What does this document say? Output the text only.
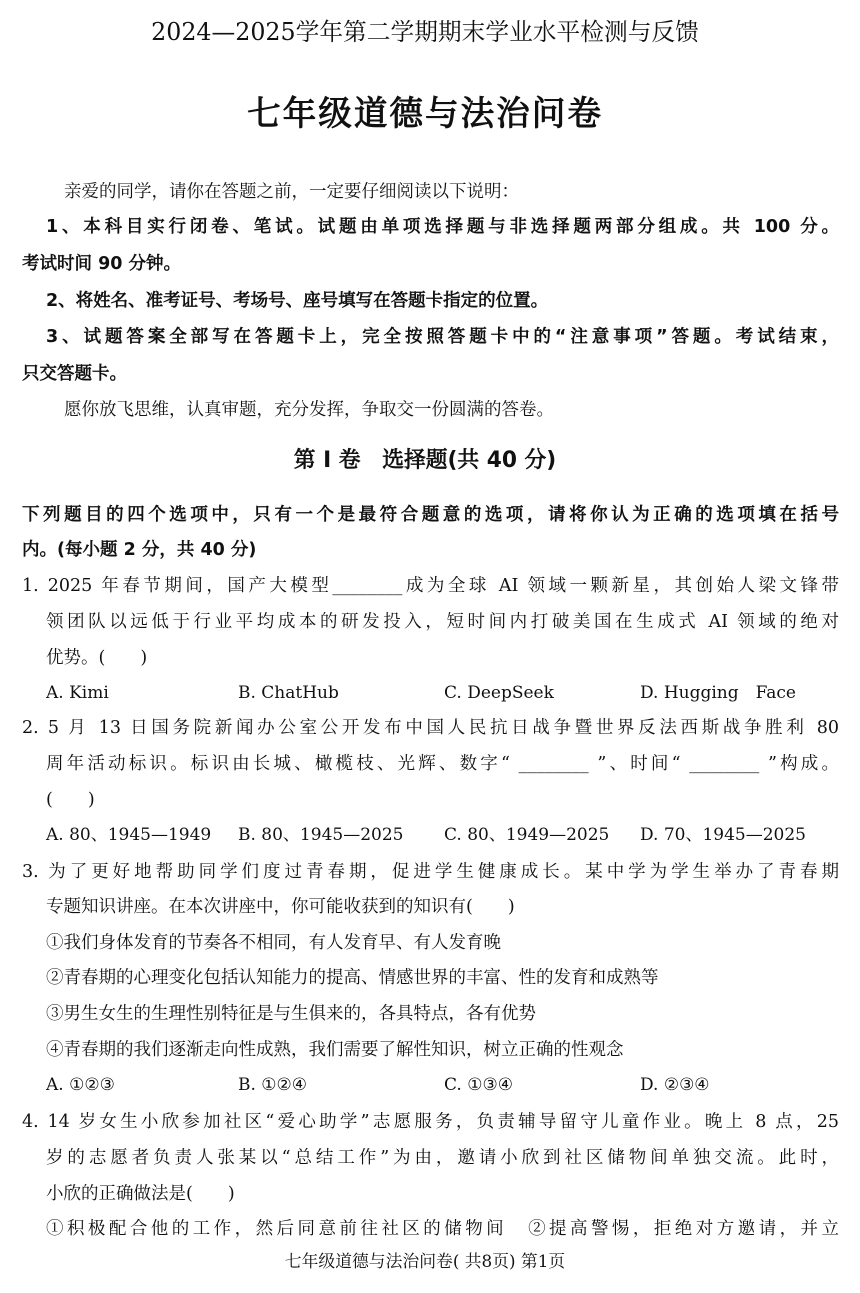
2024—2025学年第二学期期末学业水平检测与反馈
七年级道德与法治问卷
亲爱的同学，请你在答题之前，一定要仔细阅读以下说明：
1、本科目实行闭卷、笔试。试题由单项选择题与非选择题两部分组成。共 100 分。
考试时间 90 分钟。
2、将姓名、准考证号、考场号、座号填写在答题卡指定的位置。
3、试题答案全部写在答题卡上，完全按照答题卡中的“注意事项”答题。考试结束，
只交答题卡。
愿你放飞思维，认真审题，充分发挥，争取交一份圆满的答卷。
第 I 卷　选择题(共 40 分)
下列题目的四个选项中，只有一个是最符合题意的选项，请将你认为正确的选项填在括号
内。(每小题 2 分，共 40 分)
1. 2025 年春节期间，国产大模型________成为全球 AI 领域一颗新星，其创始人梁文锋带
领团队以远低于行业平均成本的研发投入，短时间内打破美国在生成式 AI 领域的绝对
优势。(　　)
A. Kimi	B. ChatHub	C. DeepSeek	D. Hugging　Face
2. 5 月 13 日国务院新闻办公室公开发布中国人民抗日战争暨世界反法西斯战争胜利 80
周年活动标识。标识由长城、橄榄枝、光辉、数字“ ________ ”、时间“ ________ ”构成。
(　　)
A. 80、1945—1949 B. 80、1945—2025 C. 80、1949—2025 D. 70、1945—2025
3. 为了更好地帮助同学们度过青春期，促进学生健康成长。某中学为学生举办了青春期
专题知识讲座。在本次讲座中，你可能收获到的知识有(　　)
①我们身体发育的节奏各不相同，有人发育早、有人发育晚
②青春期的心理变化包括认知能力的提高、情感世界的丰富、性的发育和成熟等
③男生女生的生理性别特征是与生俱来的，各具特点，各有优势
④青春期的我们逐渐走向性成熟，我们需要了解性知识，树立正确的性观念
A. ①②③	B. ①②④	C. ①③④	D. ②③④
4. 14 岁女生小欣参加社区“爱心助学”志愿服务，负责辅导留守儿童作业。晚上 8 点，25
岁的志愿者负责人张某以“总结工作”为由，邀请小欣到社区储物间单独交流。此时，
小欣的正确做法是(　　)
①积极配合他的工作，然后同意前往社区的储物间　②提高警惕，拒绝对方邀请，并立
七年级道德与法治问卷( 共8页) 第1页
